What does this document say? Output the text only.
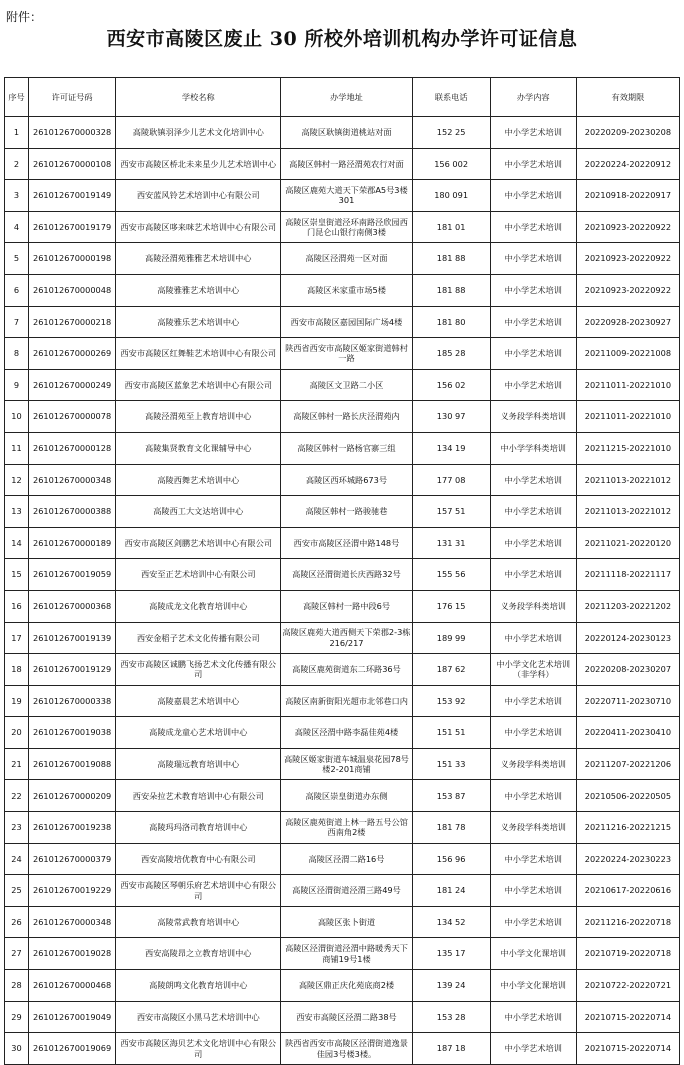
附件：
西安市高陵区废止 30 所校外培训机构办学许可证信息
序号	许可证号码	学校名称	办学地址	联系电话	办学内容	有效期限
1	261012670000328	高陵耿镇羽泽少儿艺术文化培训中心	高陵区耿镇街道桃站对面	152 25	中小学艺术培训	20220209-20230208
2	261012670000108	西安市高陵区桥北未来星少儿艺术培训中心	高陵区韩村一路泾渭苑农行对面	156 002	中小学艺术培训	20220224-20220912
3	261012670019149	西安蓝风铃艺术培训中心有限公司	高陵区鹿苑大道天下荣郡A5号3楼301	180 091	中小学艺术培训	20210918-20220917
4	261012670019179	西安市高陵区哆来咪艺术培训中心有限公司	高陵区崇皇街道泾环南路泾欣园西门昆仑山银行南侧3楼	181 01	中小学艺术培训	20210923-20220922
5	261012670000198	高陵泾渭苑雅雅艺术培训中心	高陵区泾渭苑一区对面	181 88	中小学艺术培训	20210923-20220922
6	261012670000048	高陵雅雅艺术培训中心	高陵区米家重市场5楼	181 88	中小学艺术培训	20210923-20220922
7	261012670000218	高陵雅乐艺术培训中心	西安市高陵区嘉园国际广场4楼	181 80	中小学艺术培训	20220928-20230927
8	261012670000269	西安市高陵区红舞鞋艺术培训中心有限公司	陕西省西安市高陵区姬家街道韩村一路	185 28	中小学艺术培训	20211009-20221008
9	261012670000249	西安市高陵区蓝象艺术培训中心有限公司	高陵区文卫路二小区	156 02	中小学艺术培训	20211011-20221010
10	261012670000078	高陵泾渭苑至上教育培训中心	高陵区韩村一路长庆泾渭苑内	130 97	义务段学科类培训	20211011-20221010
11	261012670000128	高陵集贤教育文化课辅导中心	高陵区韩村一路杨官寨三组	134 19	中小学学科类培训	20211215-20221010
12	261012670000348	高陵西舞艺术培训中心	高陵区西环城路673号	177 08	中小学艺术培训	20211013-20221012
13	261012670000388	高陵西工大文达培训中心	高陵区韩村一路骏驰巷	157 51	中小学艺术培训	20211013-20221012
14	261012670000189	西安市高陵区剑鹏艺术培训中心有限公司	西安市高陵区泾渭中路148号	131 31	中小学艺术培训	20211021-20220120
15	261012670019059	西安至正艺术培训中心有限公司	高陵区泾渭街道长庆西路32号	155 56	中小学艺术培训	20211118-20221117
16	261012670000368	高陵成龙文化教育培训中心	高陵区韩村一路中段6号	176 15	义务段学科类培训	20211203-20221202
17	261012670019139	西安金稻子艺术文化传播有限公司	高陵区鹿苑大道西侧天下荣郡2-3栋216/217	189 99	中小学艺术培训	20220124-20230123
18	261012670019129	西安市高陵区诚鹏飞扬艺术文化传播有限公司	高陵区鹿苑街道东二环路36号	187 62	中小学文化艺术培训（非学科）	20220208-20230207
19	261012670000338	高陵嘉晨艺术培训中心	高陵区南新街阳光超市北邻巷口内	153 92	中小学艺术培训	20220711-20230710
20	261012670019038	高陵成龙童心艺术培训中心	高陵区泾渭中路李磊佳苑4楼	151 51	中小学艺术培训	20220411-20230410
21	261012670019088	高陵瑞远教育培训中心	高陵区姬家街道车城温泉花园78号楼2-201商铺	151 33	义务段学科类培训	20211207-20221206
22	261012670000209	西安朵拉艺术教育培训中心有限公司	高陵区崇皇街道办东侧	153 87	中小学艺术培训	20210506-20220505
23	261012670019238	高陵玛玛洛司教育培训中心	高陵区鹿苑街道上林一路五号公馆西南角2楼	181 78	义务段学科类培训	20211216-20221215
24	261012670000379	西安高陵培优教育中心有限公司	高陵区泾渭二路16号	156 96	中小学艺术培训	20220224-20230223
25	261012670019229	西安市高陵区琴朝乐府艺术培训中心有限公司	高陵区泾渭街道泾渭三路49号	181 24	中小学艺术培训	20210617-20220616
26	261012670000348	高陵常武教育培训中心	高陵区张卜街道	134 52	中小学艺术培训	20211216-20220718
27	261012670019028	西安高陵昂之立教育培训中心	高陵区泾渭街道泾渭中路暖秀天下商铺19号1楼	135 17	中小学文化课培训	20210719-20220718
28	261012670000468	高陵朗鸣文化教育培训中心	高陵区鼎正庆化苑底商2楼	139 24	中小学文化课培训	20210722-20220721
29	261012670019049	西安市高陵区小黑马艺术培训中心	西安市高陵区泾渭二路38号	153 28	中小学艺术培训	20210715-20220714
30	261012670019069	西安市高陵区海贝艺术文化培训中心有限公司	陕西省西安市高陵区泾渭街道逸景佳园3号楼3楼。	187 18	中小学艺术培训	20210715-20220714
